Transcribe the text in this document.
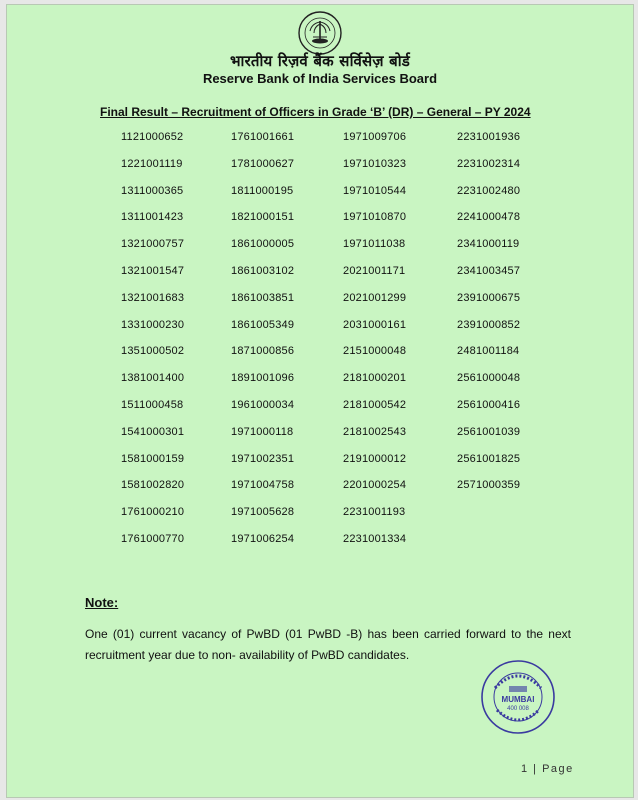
भारतीय रिज़र्व बैंक सर्विसेज़ बोर्ड
Reserve Bank of India Services Board
Final Result – Recruitment of Officers in Grade ‘B’ (DR) – General – PY 2024
1121000652	1761001661	1971009706	2231001936
1221001119	1781000627	1971010323	2231002314
1311000365	1811000195	1971010544	2231002480
1311001423	1821000151	1971010870	2241000478
1321000757	1861000005	1971011038	2341000119
1321001547	1861003102	2021001171	2341003457
1321001683	1861003851	2021001299	2391000675
1331000230	1861005349	2031000161	2391000852
1351000502	1871000856	2151000048	2481001184
1381001400	1891001096	2181000201	2561000048
1511000458	1961000034	2181000542	2561000416
1541000301	1971000118	2181002543	2561001039
1581000159	1971002351	2191000012	2561001825
1581002820	1971004758	2201000254	2571000359
1761000210	1971005628	2231001193
1761000770	1971006254	2231001334
Note:
One (01) current vacancy of PwBD (01 PwBD -B) has been carried forward to the next recruitment year due to non- availability of PwBD candidates.
MUMBAI
400 008
1 | Page
